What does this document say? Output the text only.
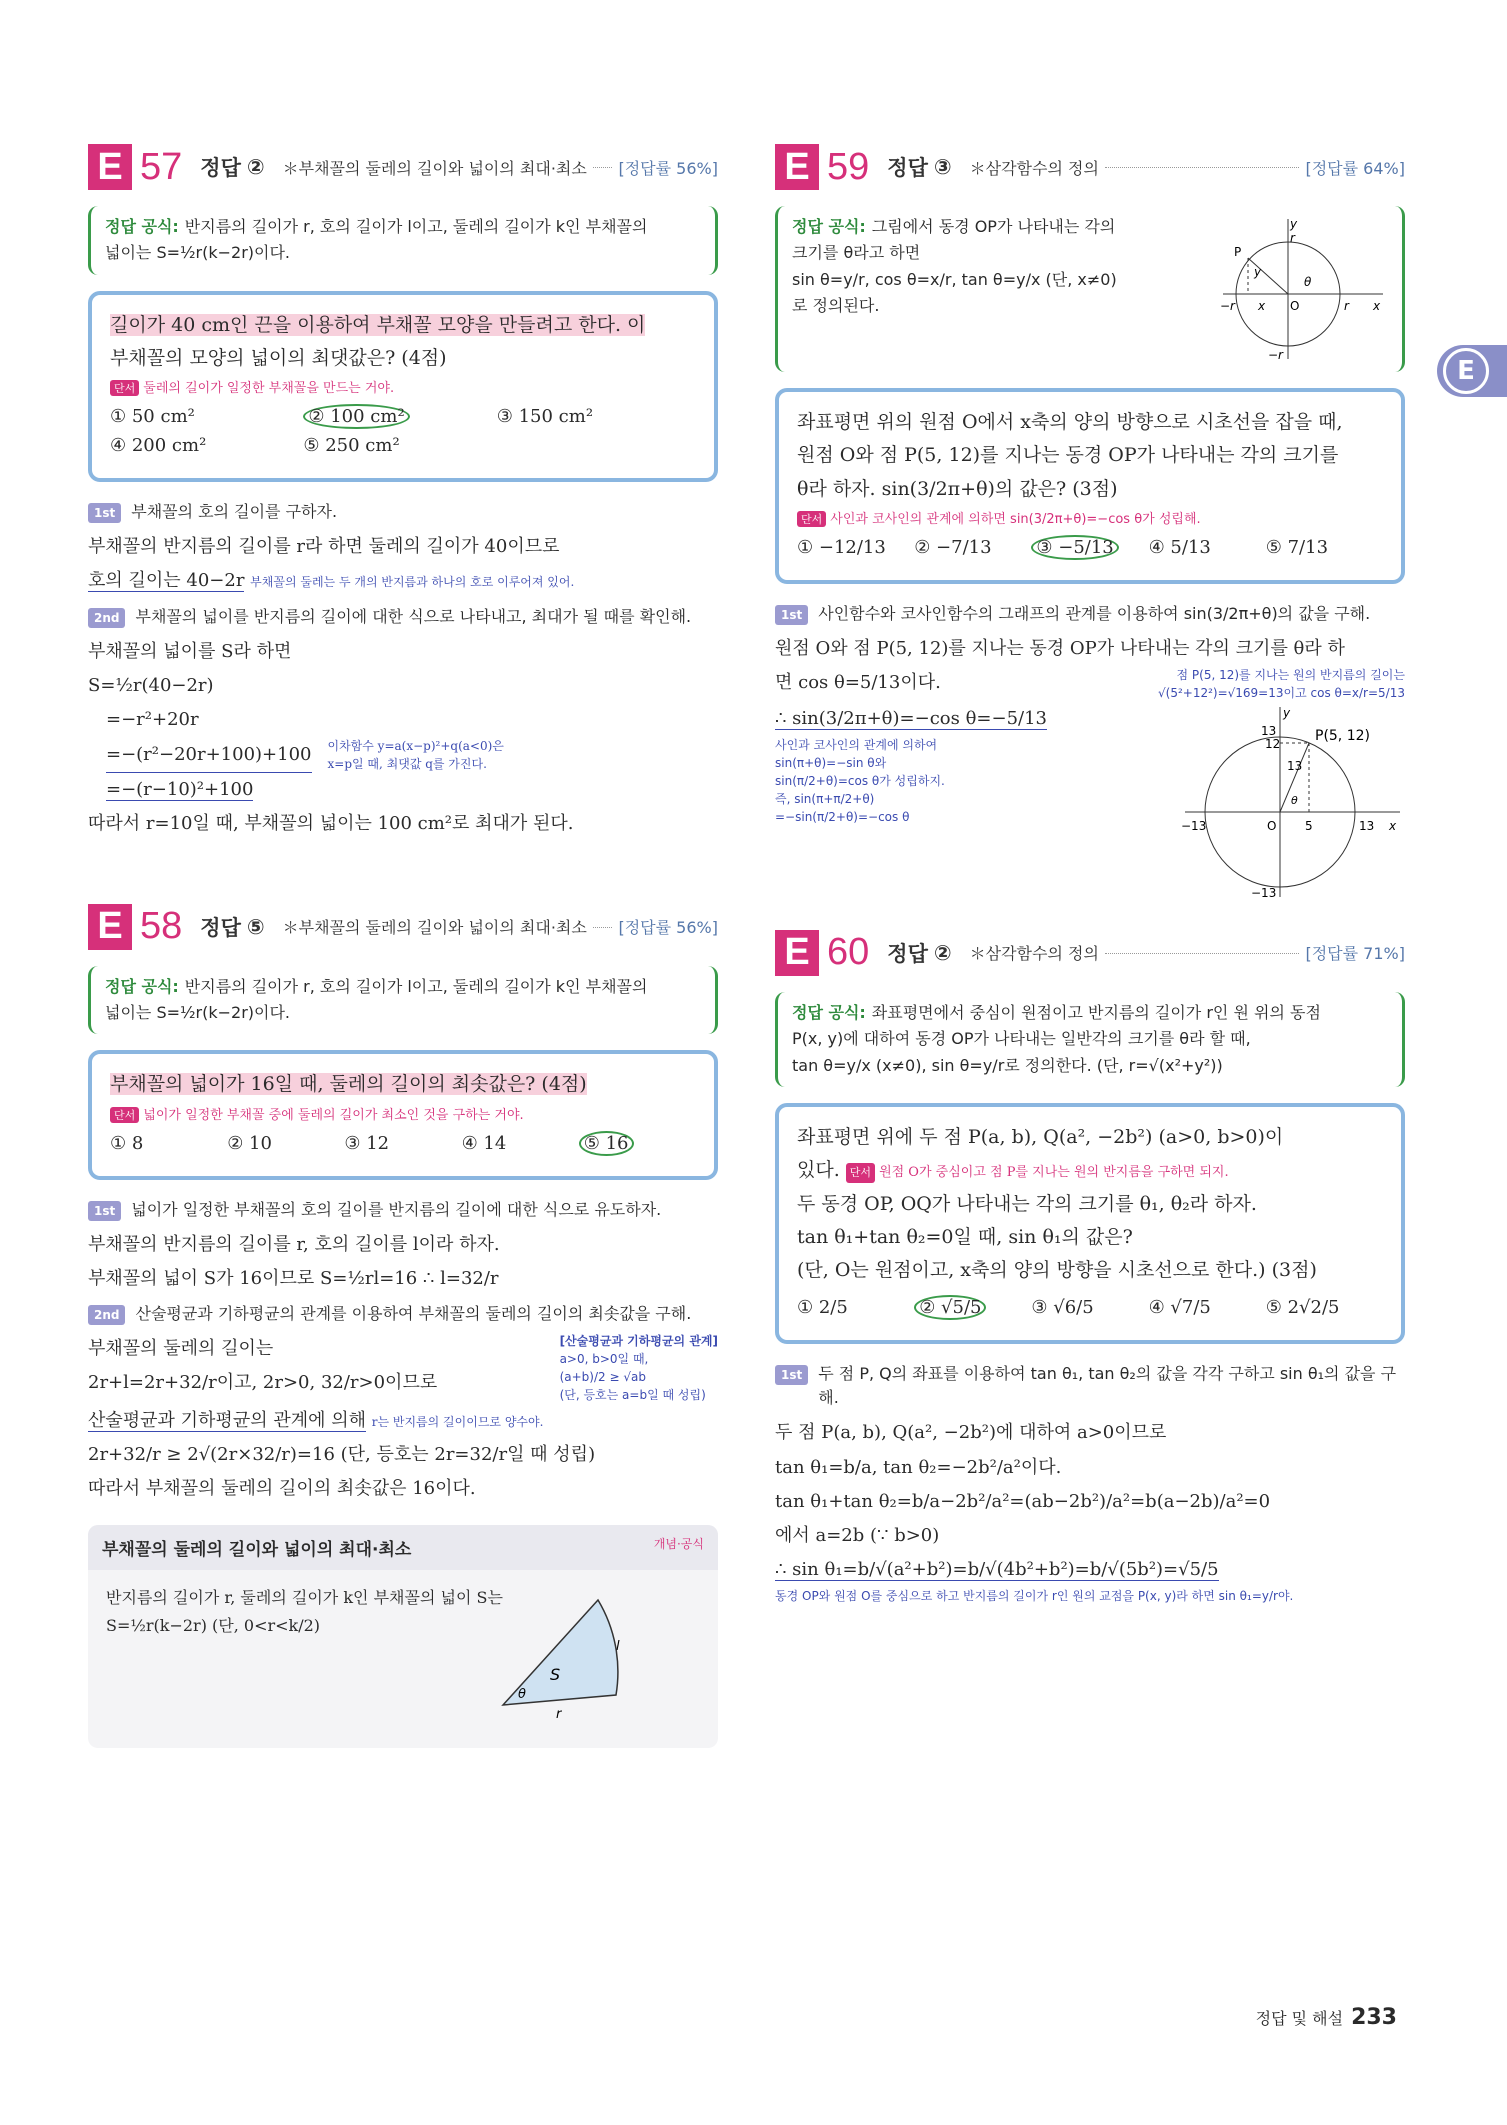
E
E 57 정답 ② ＊부채꼴의 둘레의 길이와 넓이의 최대·최소 [정답률 56%]
정답 공식: 반지름의 길이가 r, 호의 길이가 l이고, 둘레의 길이가 k인 부채꼴의
넓이는 S=½r(k−2r)이다.
길이가 40 cm인 끈을 이용하여 부채꼴 모양을 만들려고 한다. 이
부채꼴의 모양의 넓이의 최댓값은? (4점)
단서 둘레의 길이가 일정한 부채꼴을 만드는 거야.
① 50 cm²	② 100 cm²	③ 150 cm²
④ 200 cm²	⑤ 250 cm²
1st	부채꼴의 호의 길이를 구하자.
부채꼴의 반지름의 길이를 r라 하면 둘레의 길이가 40이므로
호의 길이는 40−2r 부채꼴의 둘레는 두 개의 반지름과 하나의 호로 이루어져 있어.
2nd	부채꼴의 넓이를 반지름의 길이에 대한 식으로 나타내고, 최대가 될 때를 확인해.
부채꼴의 넓이를 S라 하면
S=½r(40−2r)
=−r²+20r
=−(r²−20r+100)+100 이차함수 y=a(x−p)²+q(a<0)은 x=p일 때, 최댓값 q를 가진다.
=−(r−10)²+100
따라서 r=10일 때, 부채꼴의 넓이는 100 cm²로 최대가 된다.
E 58 정답 ⑤ ＊부채꼴의 둘레의 길이와 넓이의 최대·최소 [정답률 56%]
정답 공식: 반지름의 길이가 r, 호의 길이가 l이고, 둘레의 길이가 k인 부채꼴의
넓이는 S=½r(k−2r)이다.
부채꼴의 넓이가 16일 때, 둘레의 길이의 최솟값은? (4점)
단서 넓이가 일정한 부채꼴 중에 둘레의 길이가 최소인 것을 구하는 거야.
① 8	② 10	③ 12	④ 14	⑤ 16
1st	넓이가 일정한 부채꼴의 호의 길이를 반지름의 길이에 대한 식으로 유도하자.
부채꼴의 반지름의 길이를 r, 호의 길이를 l이라 하자.
부채꼴의 넓이 S가 16이므로 S=½rl=16 ∴ l=32/r
2nd	산술평균과 기하평균의 관계를 이용하여 부채꼴의 둘레의 길이의 최솟값을 구해.
부채꼴의 둘레의 길이는
2r+l=2r+32/r이고, 2r>0, 32/r>0이므로
[산술평균과 기하평균의 관계]
a>0, b>0일 때,
(a+b)/2 ≥ √ab
(단, 등호는 a=b일 때 성립)
산술평균과 기하평균의 관계에 의해 r는 반지름의 길이이므로 양수야.
2r+32/r ≥ 2√(2r×32/r)=16 (단, 등호는 2r=32/r일 때 성립)
따라서 부채꼴의 둘레의 길이의 최솟값은 16이다.
부채꼴의 둘레의 길이와 넓이의 최대·최소	개념·공식
반지름의 길이가 r, 둘레의 길이가 k인 부채꼴의 넓이 S는
S=½r(k−2r) (단, 0<r<k/2)
S
θ
l
r
E 59 정답 ③ ＊삼각함수의 정의	[정답률 64%]
정답 공식: 그림에서 동경 OP가 나타내는 각의
크기를 θ라고 하면
sin θ=y/r, cos θ=x/r, tan θ=y/x (단, x≠0)
로 정의된다.
y
r
P
y
θ
−r x O	r x
−r
좌표평면 위의 원점 O에서 x축의 양의 방향으로 시초선을 잡을 때,
원점 O와 점 P(5, 12)를 지나는 동경 OP가 나타내는 각의 크기를
θ라 하자. sin(3/2π+θ)의 값은? (3점)
단서 사인과 코사인의 관계에 의하면 sin(3/2π+θ)=−cos θ가 성립해.
① −12/13	② −7/13	③ −5/13	④ 5/13	⑤ 7/13
1st	사인함수와 코사인함수의 그래프의 관계를 이용하여 sin(3/2π+θ)의 값을 구해.
원점 O와 점 P(5, 12)를 지나는 동경 OP가 나타내는 각의 크기를 θ라 하
면 cos θ=5/13이다.	점 P(5, 12)를 지나는 원의 반지름의 길이는
√(5²+12²)=√169=13이고 cos θ=x/r=5/13
∴ sin(3/2π+θ)=−cos θ=−5/13
사인과 코사인의 관계에 의하여
sin(π+θ)=−sin θ와
sin(π/2+θ)=cos θ가 성립하지.
즉, sin(π+π/2+θ)
=−sin(π/2+θ)=−cos θ
y
13
12
13
P(5, 12)
θ
−13	O 5	13 x
−13
E 60 정답 ② ＊삼각함수의 정의	[정답률 71%]
정답 공식: 좌표평면에서 중심이 원점이고 반지름의 길이가 r인 원 위의 동점
P(x, y)에 대하여 동경 OP가 나타내는 일반각의 크기를 θ라 할 때,
tan θ=y/x (x≠0), sin θ=y/r로 정의한다. (단, r=√(x²+y²))
좌표평면 위에 두 점 P(a, b), Q(a², −2b²) (a>0, b>0)이
있다. 단서 원점 O가 중심이고 점 P를 지나는 원의 반지름을 구하면 되지.
두 동경 OP, OQ가 나타내는 각의 크기를 θ₁, θ₂라 하자.
tan θ₁+tan θ₂=0일 때, sin θ₁의 값은?
(단, O는 원점이고, x축의 양의 방향을 시초선으로 한다.) (3점)
① 2/5	② √5/5	③ √6/5	④ √7/5	⑤ 2√2/5
1st	두 점 P, Q의 좌표를 이용하여 tan θ₁, tan θ₂의 값을 각각 구하고 sin θ₁의 값을 구해.
두 점 P(a, b), Q(a², −2b²)에 대하여 a>0이므로
tan θ₁=b/a, tan θ₂=−2b²/a²이다.
tan θ₁+tan θ₂=b/a−2b²/a²=(ab−2b²)/a²=b(a−2b)/a²=0
에서 a=2b (∵ b>0)
∴ sin θ₁=b/√(a²+b²)=b/√(4b²+b²)=b/√(5b²)=√5/5
동경 OP와 원점 O를 중심으로 하고 반지름의 길이가 r인 원의 교점을 P(x, y)라 하면 sin θ₁=y/r야.
정답 및 해설 233
